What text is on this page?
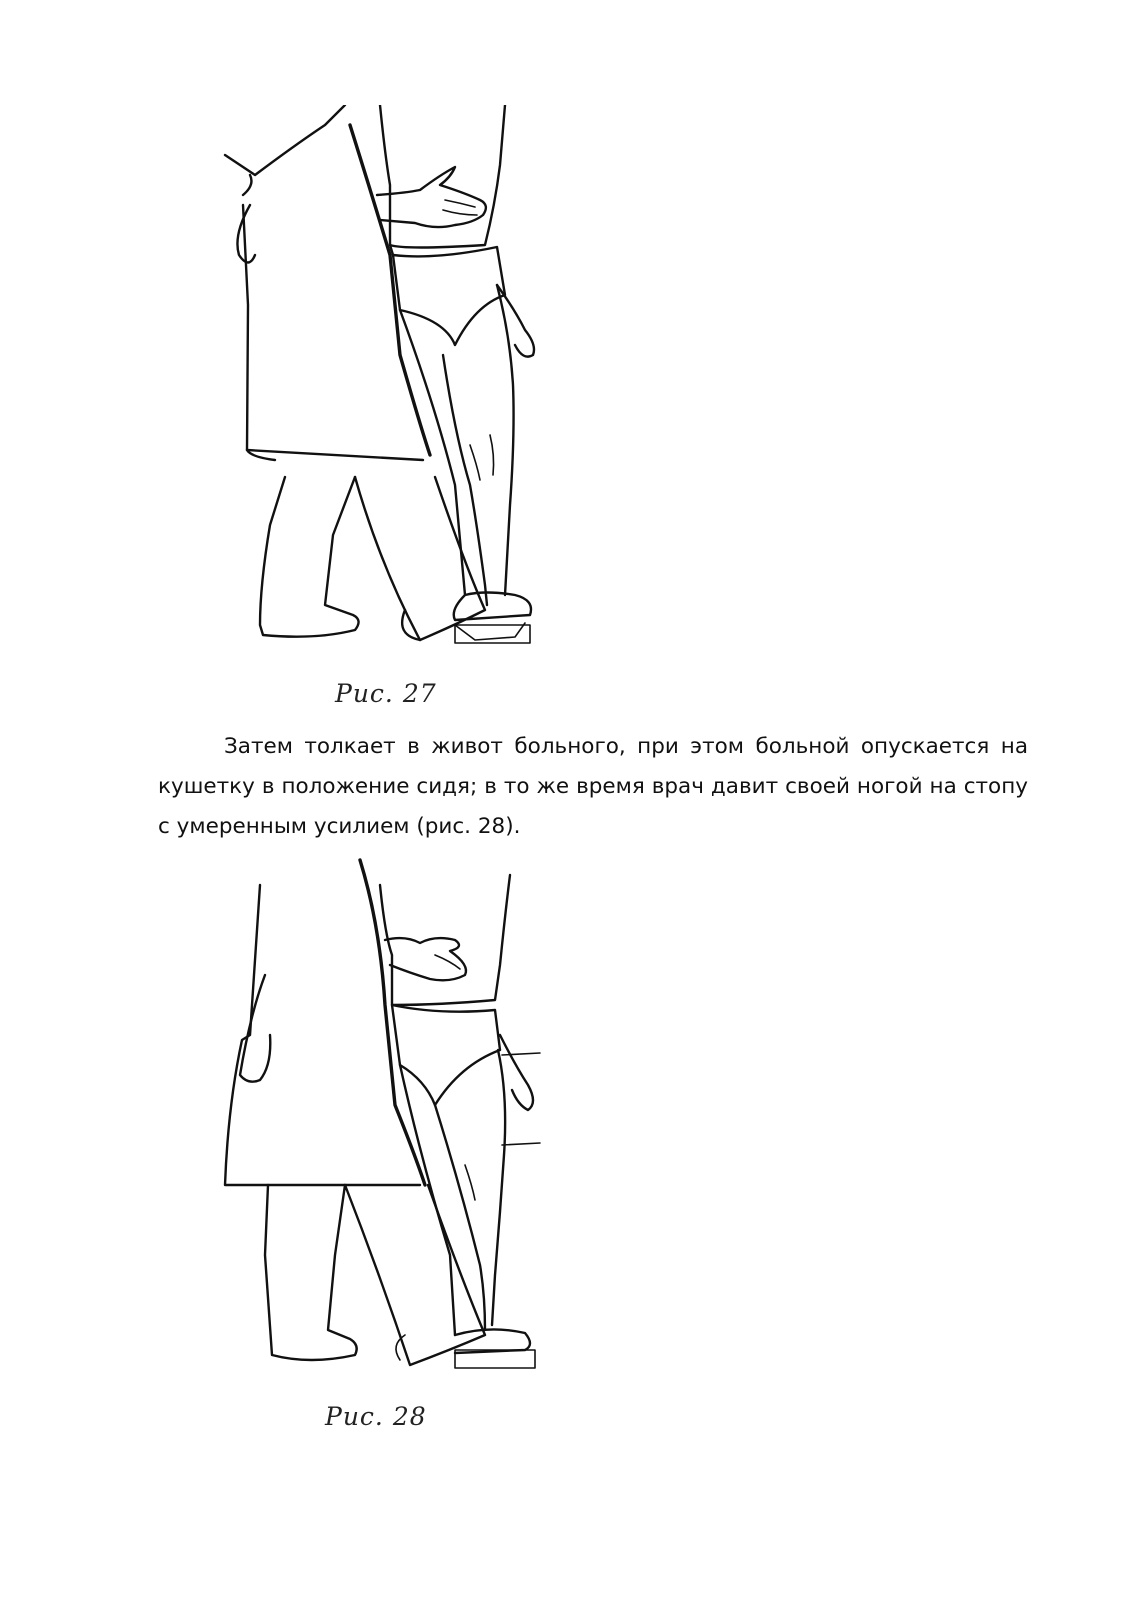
Рис. 27

Затем толкает в живот больного, при этом больной опускается на кушетку в положение сидя; в то же время врач давит своей ногой на стопу с умеренным усилием (рис. 28).

Рис. 28
